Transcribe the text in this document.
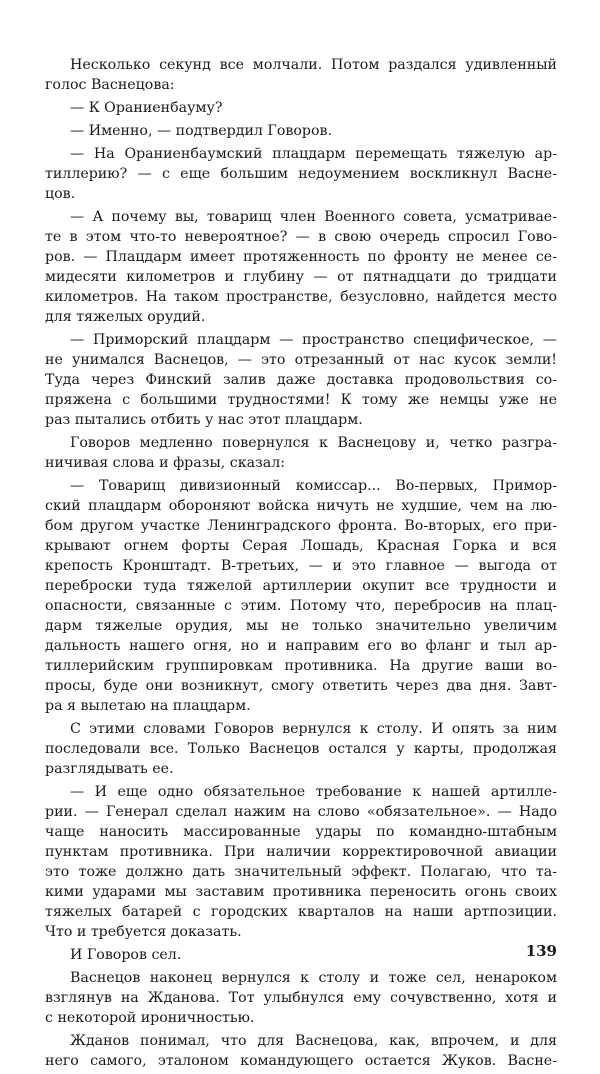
Несколько секунд все молчали. Потом раздался удивленный
голос Васнецова:
— К Ораниенбауму?
— Именно, — подтвердил Говоров.
— На Ораниенбаумский плацдарм перемещать тяжелую ар-
тиллерию? — с еще большим недоумением воскликнул Васне-
цов.
— А почему вы, товарищ член Военного совета, усматривае-
те в этом что-то невероятное? — в свою очередь спросил Гово-
ров. — Плацдарм имеет протяженность по фронту не менее се-
мидесяти километров и глубину — от пятнадцати до тридцати
километров. На таком пространстве, безусловно, найдется место
для тяжелых орудий.
— Приморский плацдарм — пространство специфическое, —
не унимался Васнецов, — это отрезанный от нас кусок земли!
Туда через Финский залив даже доставка продовольствия со-
пряжена с большими трудностями! К тому же немцы уже не
раз пытались отбить у нас этот плацдарм.
Говоров медленно повернулся к Васнецову и, четко разгра-
ничивая слова и фразы, сказал:
— Товарищ дивизионный комиссар... Во-первых, Примор-
ский плацдарм обороняют войска ничуть не худшие, чем на лю-
бом другом участке Ленинградского фронта. Во-вторых, его при-
крывают огнем форты Серая Лошадь, Красная Горка и вся
крепость Кронштадт. В-третьих, — и это главное — выгода от
переброски туда тяжелой артиллерии окупит все трудности и
опасности, связанные с этим. Потому что, перебросив на плац-
дарм тяжелые орудия, мы не только значительно увеличим
дальность нашего огня, но и направим его во фланг и тыл ар-
тиллерийским группировкам противника. На другие ваши во-
просы, буде они возникнут, смогу ответить через два дня. Завт-
ра я вылетаю на плацдарм.
С этими словами Говоров вернулся к столу. И опять за ним
последовали все. Только Васнецов остался у карты, продолжая
разглядывать ее.
— И еще одно обязательное требование к нашей артилле-
рии. — Генерал сделал нажим на слово «обязательное». — Надо
чаще наносить массированные удары по командно-штабным
пунктам противника. При наличии корректировочной авиации
это тоже должно дать значительный эффект. Полагаю, что та-
кими ударами мы заставим противника переносить огонь своих
тяжелых батарей с городских кварталов на наши артпозиции.
Что и требуется доказать.
И Говоров сел.
Васнецов наконец вернулся к столу и тоже сел, ненароком
взглянув на Жданова. Тот улыбнулся ему сочувственно, хотя и
с некоторой ироничностью.
Жданов понимал, что для Васнецова, как, впрочем, и для
него самого, эталоном командующего остается Жуков. Васне-
139
